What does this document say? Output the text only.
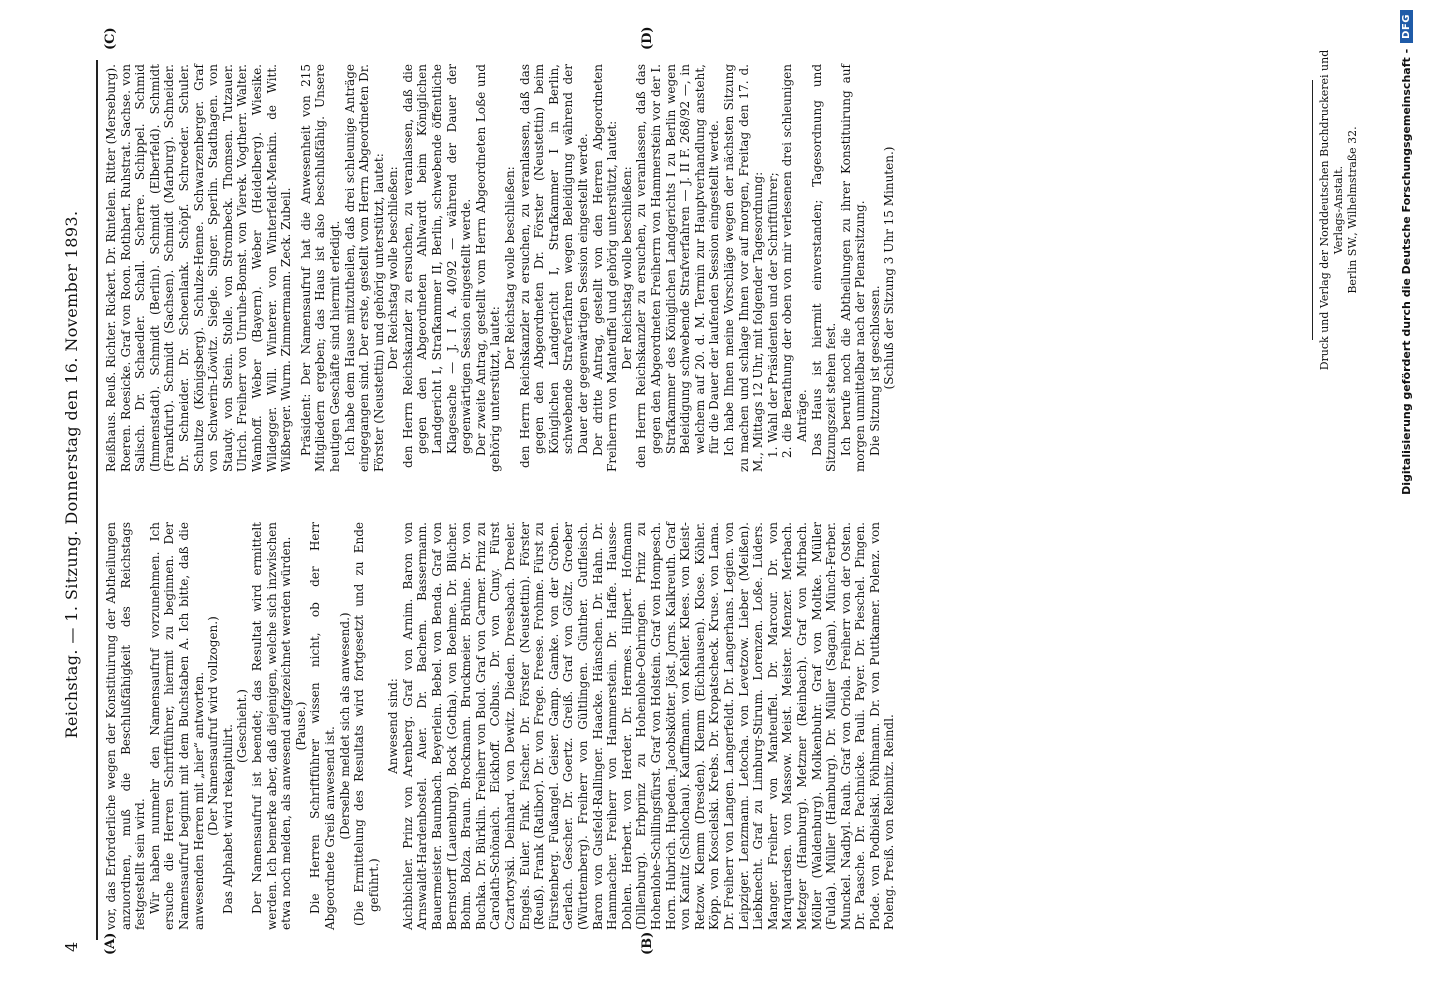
4
Reichstag. — 1. Sitzung. Donnerstag den 16. November 1893.
(A)	(B)
(C)	(D)

vor, das Erforderliche wegen der Konstituirung der Abtheilungen anzuordnen, muß die Beschlußfähigkeit des Reichstags festgestellt sein wird. Wir haben nunmehr den Namensaufruf vorzunehmen. Ich ersuche die Herren Schriftführer, hiermit zu beginnen. Der Namensaufruf beginnt mit dem Buchstaben A. Ich bitte, daß die anwesenden Herren mit „hier“ antworten. (Der Namensaufruf wird vollzogen.) Das Alphabet wird rekapitulirt. (Geschieht.) Der Namensaufruf ist beendet; das Resultat wird ermittelt werden. Ich bemerke aber, daß diejenigen, welche sich inzwischen etwa noch melden, als anwesend aufgezeichnet werden würden. (Pause.) Die Herren Schriftführer wissen nicht, ob der Herr Abgeordnete Greiß anwesend ist. (Derselbe meldet sich als anwesend.) (Die Ermittelung des Resultats wird fortgesetzt und zu Ende geführt.)

Anwesend sind: Aichbichler. Prinz von Arenberg. Graf von Arnim. Baron von Arnswaldt-Hardenbostel. Auer. Dr. Bachem. Bassermann. Bauermeister. Baumbach. Beyerlein. Bebel. von Benda. Graf von Bernstorff (Lauenburg). Bock (Gotha). von Boehme. Dr. Blücher. Bohm. Bolza. Braun. Brockmann. Bruckmeier. Brühne. Dr. von Buchka. Dr. Bürklin. Freiherr von Buol. Graf von Carmer. Prinz zu Carolath-Schönaich. Eickhoff. Colbus. Dr. von Cuny. Fürst Czartoryski. Deinhard. von Dewitz. Dieden. Dreesbach. Dreeler. Engels. Euler. Fink. Fischer. Dr. Förster (Neustettin). Förster (Reuß). Frank (Ratibor). Dr. von Frege. Freese. Frohme. Fürst zu Fürstenberg. Fußangel. Geiser. Gamp. Gamke. von der Gröben. Gerlach. Gescher. Dr. Goertz. Greiß. Graf von Göltz. Groeber (Württemberg). Freiherr von Gültlingen. Günther. Gutfleisch. Baron von Gusfeld-Rallinger. Haacke. Hänschen. Dr. Hahn. Dr. Hammacher. Freiherr von Hammerstein. Dr. Haffe. Hausse-Dohlen. Herbert. von Herder. Dr. Hermes. Hilpert. Hofmann (Dillenburg). Erbprinz zu Hohenlohe-Oehringen. Prinz zu Hohenlohe-Schillingsfürst. Graf von Holstein. Graf von Hompesch. Horn. Hubrich. Hupeden. Jacobskötter. Jöst. Jorns. Kalkreuth. Graf von Kanitz (Schlochau). Kauffmann. von Kehler. Klees. von Kleist-Retzow. Klemm (Dresden). Klemm (Eichhausen). Klose. Köhler. Köpp. von Koscielski. Krebs. Dr. Kropatscheck. Kruse. von Lama. Dr. Freiherr von Langen. Langerfeldt. Dr. Langerhans. Legien. von Leipziger. Lenzmann. Letocha. von Levetzow. Lieber (Meißen). Liebknecht. Graf zu Limburg-Stirum. Lorenzen. Loße. Lüders. Manger. Freiherr von Manteuffel. Dr. Marcour. Dr. von Marquardsen. von Massow. Meist. Meister. Menzer. Merbach. Metzger (Hamburg). Metzner (Reinbach). Graf von Mirbach. Möller (Waldenburg). Molkenbuhr. Graf von Moltke. Müller (Fulda). Müller (Hamburg). Dr. Müller (Sagan). Münch-Ferber. Munckel. Nadbyl. Rauh. Graf von Oriola. Freiherr von der Osten. Dr. Paasche. Dr. Pachnicke. Pauli. Payer. Dr. Pieschel. Pingen. Plode. von Podbielski. Pöhlmann. Dr. von Puttkamer. Polenz. von Poleng. Preiß. von Reibnitz. Reindl.

Reißhaus. Reuß. Richter. Rickert. Dr. Rintelen. Ritter (Merseburg). Roeren. Roesicke. Graf von Roon. Rothbart. Ruhstrat. Sachse. von Salisch. Dr. Schaedler. Schall. Scherre. Schippel. Schmid (Immenstadt). Schmidt (Berlin). Schmidt (Elberfeld). Schmidt (Frankfurt). Schmidt (Sachsen). Schmidt (Marburg). Schneider. Dr. Schneider. Dr. Schoenlank. Schöpf. Schroeder. Schuler. Schultze (Königsberg). Schulze-Henne. Schwarzenberger. Graf von Schwerin-Löwitz. Siegle. Singer. Sperlin. Stadthagen. von Staudy. von Stein. Stolle. von Strombeck. Thomsen. Tutzauer. Ulrich. Freiherr von Unruhe-Bomst. von Vierek. Vogtherr. Walter. Wamhoff. Weber (Bayern). Weber (Heidelberg). Wiesike. Wildegger. Will. Winterer. von Winterfeldt-Menkin. de Witt. Wißberger. Wurm. Zimmermann. Zeck. Zubeil. Präsident: Der Namensaufruf hat die Anwesenheit von 215 Mitgliedern ergeben; das Haus ist also beschlußfähig. Unsere heutigen Geschäfte sind hiermit erledigt. Ich habe dem Hause mitzutheilen, daß drei schleunige Anträge eingegangen sind. Der erste, gestellt vom Herrn Abgeordneten Dr. Förster (Neustettin) und gehörig unterstützt, lautet: Der Reichstag wolle beschließen: den Herrn Reichskanzler zu ersuchen, zu veranlassen, daß die gegen den Abgeordneten Ahlwardt beim Königlichen Landgericht I, Strafkammer II, Berlin, schwebende öffentliche Klagesache — J. I A. 40/92 — während der Dauer der gegenwärtigen Session eingestellt werde. Der zweite Antrag, gestellt vom Herrn Abgeordneten Loße und gehörig unterstützt, lautet:

Der Reichstag wolle beschließen: den Herrn Reichskanzler zu ersuchen, zu veranlassen, daß das gegen den Abgeordneten Dr. Förster (Neustettin) beim Königlichen Landgericht I, Strafkammer I in Berlin, schwebende Strafverfahren wegen Beleidigung während der Dauer der gegenwärtigen Session eingestellt werde. Der dritte Antrag, gestellt von den Herren Abgeordneten Freiherrn von Manteuffel und gehörig unterstützt, lautet: Der Reichstag wolle beschließen: den Herrn Reichskanzler zu ersuchen, zu veranlassen, daß das gegen den Abgeordneten Freiherrn von Hammerstein vor der I. Strafkammer des Königlichen Landgerichts I zu Berlin wegen Beleidigung schwebende Strafverfahren — J. II F. 268/92 —, in welchem auf 20. d. M. Termin zur Hauptverhandlung ansteht, für die Dauer der laufenden Session eingestellt werde. Ich habe Ihnen meine Vorschläge wegen der nächsten Sitzung zu machen und schlage Ihnen vor auf morgen, Freitag den 17. d. M., Mittags 12 Uhr, mit folgender Tagesordnung: 1. Wahl der Präsidenten und der Schriftführer; 2. die Berathung der oben von mir verlesenen drei schleunigen Anträge. Das Haus ist hiermit einverstanden; Tagesordnung und Sitzungszeit stehen fest. Ich berufe noch die Abtheilungen zu ihrer Konstituirung auf morgen unmittelbar nach der Plenarsitzung. Die Sitzung ist geschlossen. (Schluß der Sitzung 3 Uhr 15 Minuten.)	Druck und Verlag der Norddeutschen Buchdruckerei und Verlags-Anstalt. Berlin SW., Wilhelmstraße 32.	Digitalisierung gefördert durch die Deutsche Forschungsgemeinschaft -
DFG
